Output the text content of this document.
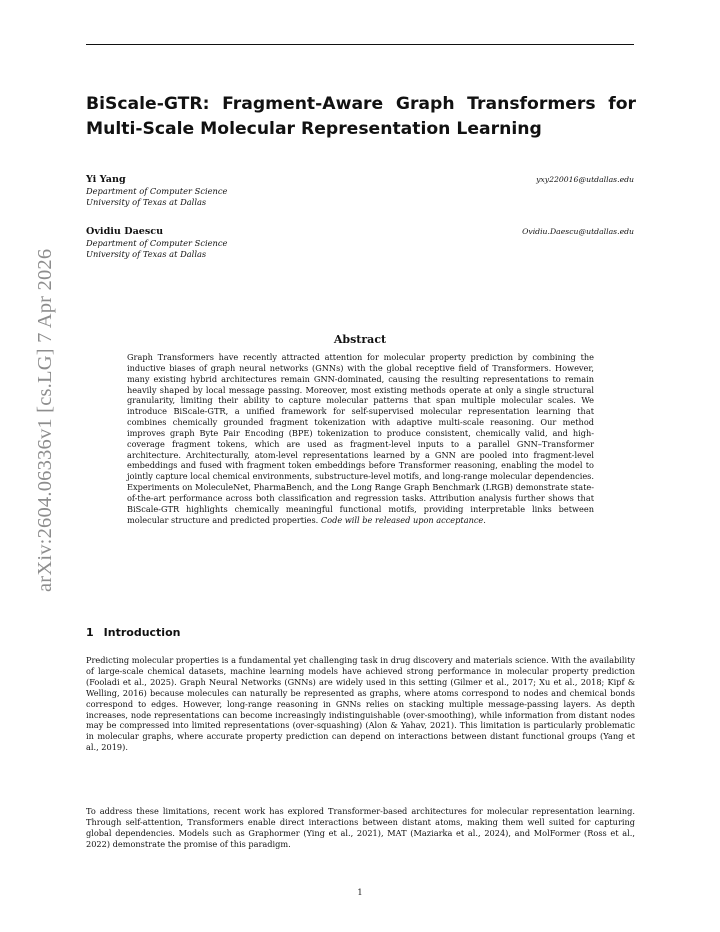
arXiv:2604.06336v1 [cs.LG] 7 Apr 2026
BiScale-GTR: Fragment-Aware Graph Transformers for
Multi-Scale Molecular Representation Learning
Yi Yang	yxy220016@utdallas.edu
Department of Computer Science
University of Texas at Dallas
Ovidiu Daescu	Ovidiu.Daescu@utdallas.edu
Department of Computer Science
University of Texas at Dallas
Abstract

Graph Transformers have recently attracted attention for molecular property prediction by combining the inductive biases of graph neural networks (GNNs) with the global receptive field of Transformers. However, many existing hybrid architectures remain GNN-dominated, causing the resulting representations to remain heavily shaped by local message passing. Moreover, most existing methods operate at only a single structural granularity, limiting their ability to capture molecular patterns that span multiple molecular scales. We introduce BiScale-GTR, a unified framework for self-supervised molecular representation learning that combines chemically grounded fragment tokenization with adaptive multi-scale reasoning. Our method improves graph Byte Pair Encoding (BPE) tokenization to produce consistent, chemically valid, and high-coverage fragment tokens, which are used as fragment-level inputs to a parallel GNN–Transformer architecture. Architecturally, atom-level representations learned by a GNN are pooled into fragment-level embeddings and fused with fragment token embeddings before Transformer reasoning, enabling the model to jointly capture local chemical environments, substructure-level motifs, and long-range molecular dependencies. Experiments on MoleculeNet, PharmaBench, and the Long Range Graph Benchmark (LRGB) demonstrate state-of-the-art performance across both classification and regression tasks. Attribution analysis further shows that BiScale-GTR highlights chemically meaningful functional motifs, providing interpretable links between molecular structure and predicted properties. Code will be released upon acceptance.

1 Introduction

Predicting molecular properties is a fundamental yet challenging task in drug discovery and materials science. With the availability of large-scale chemical datasets, machine learning models have achieved strong performance in molecular property prediction (Fooladi et al., 2025). Graph Neural Networks (GNNs) are widely used in this setting (Gilmer et al., 2017; Xu et al., 2018; Kipf & Welling, 2016) because molecules can naturally be represented as graphs, where atoms correspond to nodes and chemical bonds correspond to edges. However, long-range reasoning in GNNs relies on stacking multiple message-passing layers. As depth increases, node representations can become increasingly indistinguishable (over-smoothing), while information from distant nodes may be compressed into limited representations (over-squashing) (Alon & Yahav, 2021). This limitation is particularly problematic in molecular graphs, where accurate property prediction can depend on interactions between distant functional groups (Yang et al., 2019).

To address these limitations, recent work has explored Transformer-based architectures for molecular representation learning. Through self-attention, Transformers enable direct interactions between distant atoms, making them well suited for capturing global dependencies. Models such as Graphormer (Ying et al., 2021), MAT (Maziarka et al., 2024), and MolFormer (Ross et al., 2022) demonstrate the promise of this paradigm.

1
